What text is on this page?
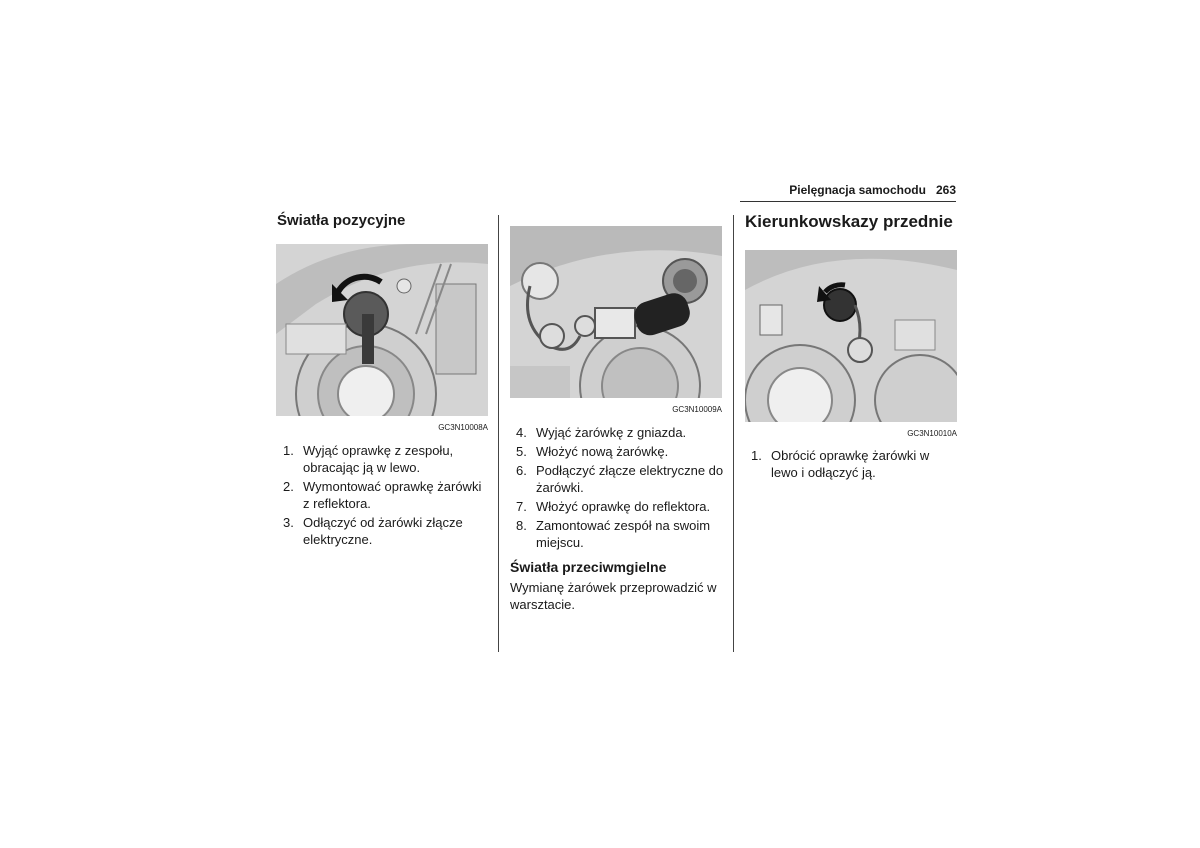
Pielęgnacja samochodu 263
Światła pozycyjne
GC3N10008A
1. Wyjąć oprawkę z zespołu, obracając ją w lewo.
2. Wymontować oprawkę żarówki z reflektora.
3. Odłączyć od żarówki złącze elektryczne.
GC3N10009A
4. Wyjąć żarówkę z gniazda.
5. Włożyć nową żarówkę.
6. Podłączyć złącze elektryczne do żarówki.
7. Włożyć oprawkę do reflektora.
8. Zamontować zespół na swoim miejscu.
Światła przeciwmgielne

Wymianę żarówek przeprowadzić w warsztacie.

Kierunkowskazy przednie
GC3N10010A
1. Obrócić oprawkę żarówki w lewo i odłączyć ją.
